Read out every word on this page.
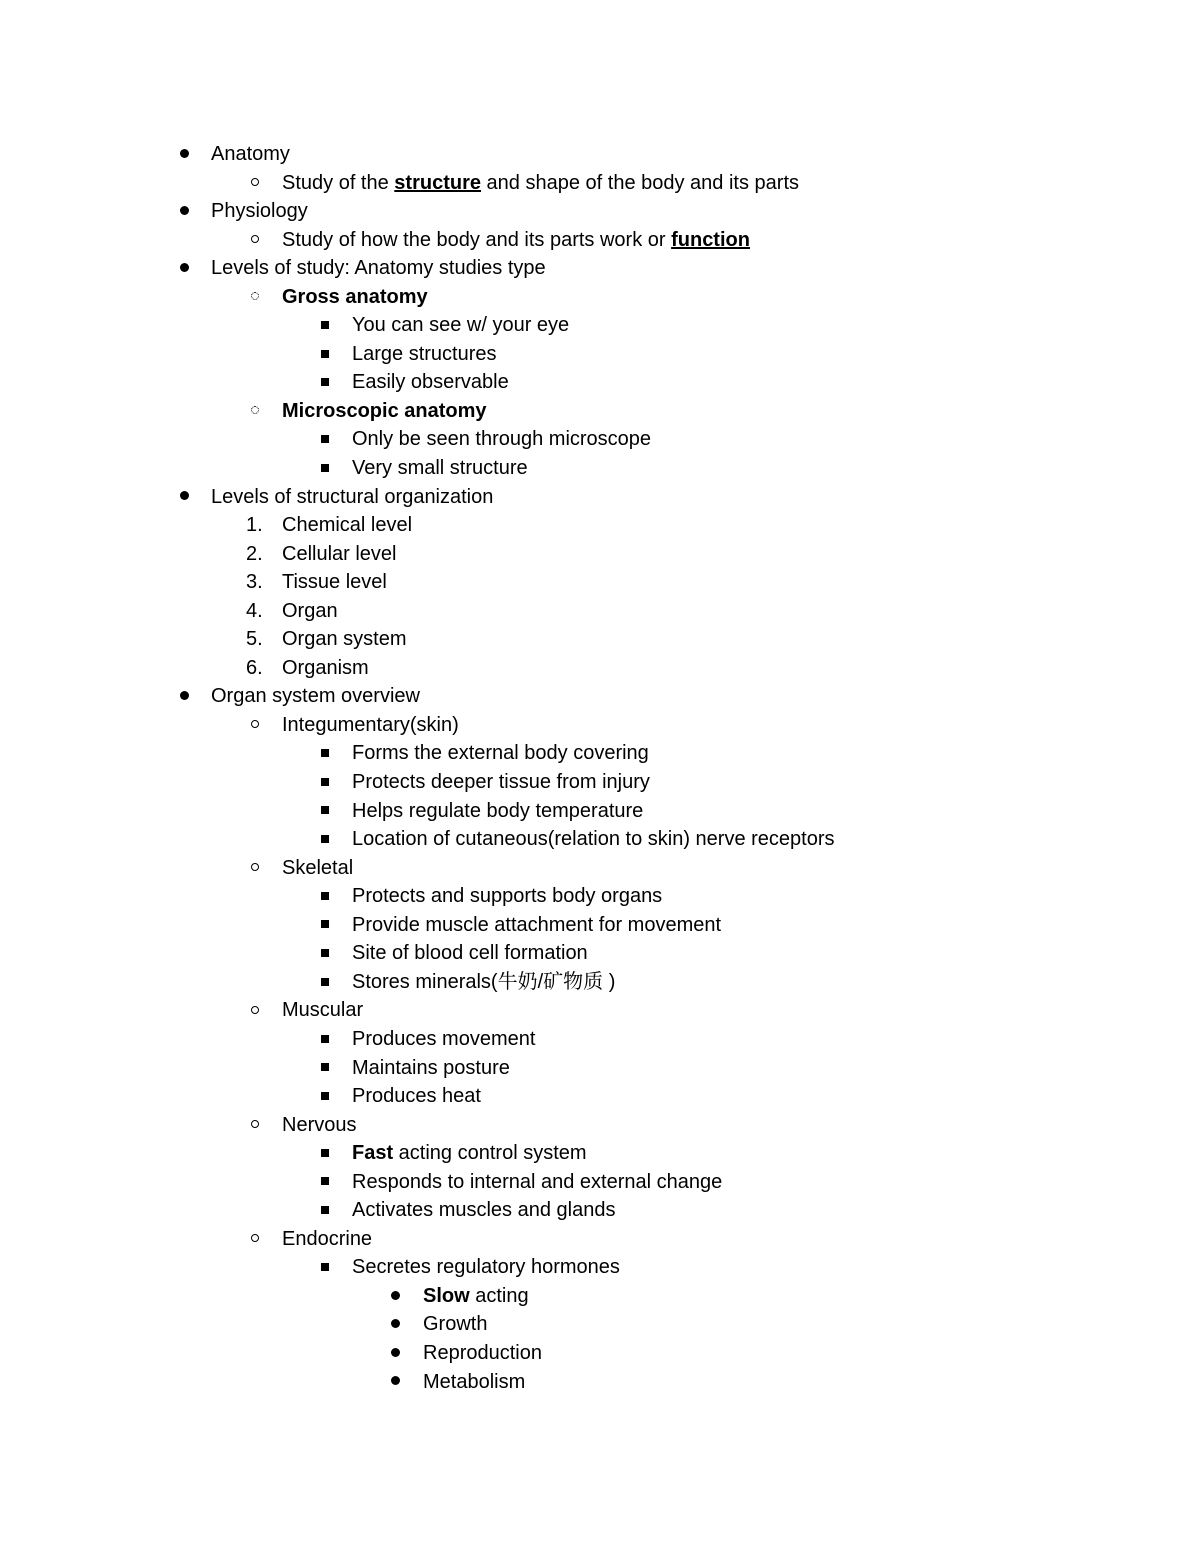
Anatomy
Study of the structure and shape of the body and its parts
Physiology
Study of how the body and its parts work or function
Levels of study: Anatomy studies type
Gross anatomy
You can see w/ your eye
Large structures
Easily observable
Microscopic anatomy
Only be seen through microscope
Very small structure
Levels of structural organization
1. Chemical level
2. Cellular level
3. Tissue level
4. Organ
5. Organ system
6. Organism
Organ system overview
Integumentary(skin)
Forms the external body covering
Protects deeper tissue from injury
Helps regulate body temperature
Location of cutaneous(relation to skin) nerve receptors
Skeletal
Protects and supports body organs
Provide muscle attachment for movement
Site of blood cell formation
Stores minerals(牛奶/矿物质 )
Muscular
Produces movement
Maintains posture
Produces heat
Nervous
Fast acting control system
Responds to internal and external change
Activates muscles and glands
Endocrine
Secretes regulatory hormones
Slow acting
Growth
Reproduction
Metabolism
